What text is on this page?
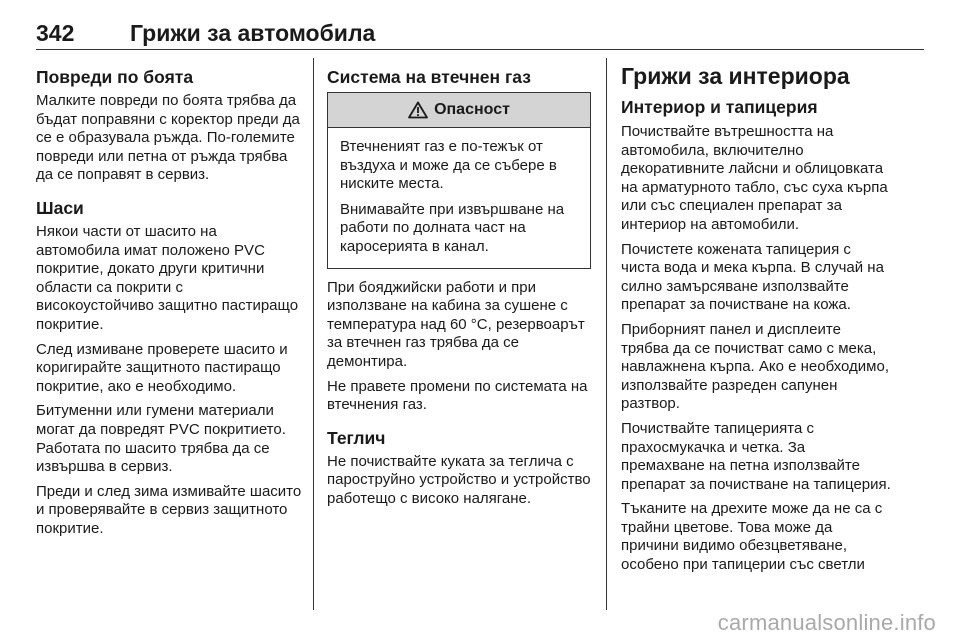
342 Грижи за автомобила
Повреди по боята

Малките повреди по боята трябва да бъдат поправяни с коректор преди да се е образувала ръжда. По-големите повреди или петна от ръжда трябва да се поправят в сервиз.

Шаси

Някои части от шасито на автомобила имат положено PVC покритие, докато други критични области са покрити с високоустойчиво защитно пастиращо покритие.

След измиване проверете шасито и коригирайте защитното пастиращо покритие, ако е необходимо.

Битуменни или гумени материали могат да повредят PVC покритието. Работата по шасито трябва да се извършва в сервиз.

Преди и след зима измивайте шасито и проверявайте в сервиз защитното покритие.

Система на втечнен газ
Опасност

Втечненият газ е по-тежък от въздуха и може да се събере в ниските места.

Внимавайте при извършване на работи по долната част на каросерията в канал.

При бояджийски работи и при използване на кабина за сушене с температура над 60 °C, резервоарът за втечнен газ трябва да се демонтира.

Не правете промени по системата на втечнения газ.

Теглич

Не почиствайте куката за теглича с пароструйно устройство и устройство работещо с високо налягане.

Грижи за интериора
Интериор и тапицерия

Почиствайте вътрешността на автомобила, включително декоративните лайсни и облицовката на арматурното табло, със суха кърпа или със специален препарат за интериор на автомобили.

Почистете кожената тапицерия с чиста вода и мека кърпа. В случай на силно замърсяване използвайте препарат за почистване на кожа.

Приборният панел и дисплеите трябва да се почистват само с мека, навлажнена кърпа. Ако е необходимо, използвайте разреден сапунен разтвор.

Почиствайте тапицерията с прахосмукачка и четка. За премахване на петна използвайте препарат за почистване на тапицерия.

Тъканите на дрехите може да не са с трайни цветове. Това може да причини видимо обезцветяване, особено при тапицерии със светли

carmanualsonline.info
